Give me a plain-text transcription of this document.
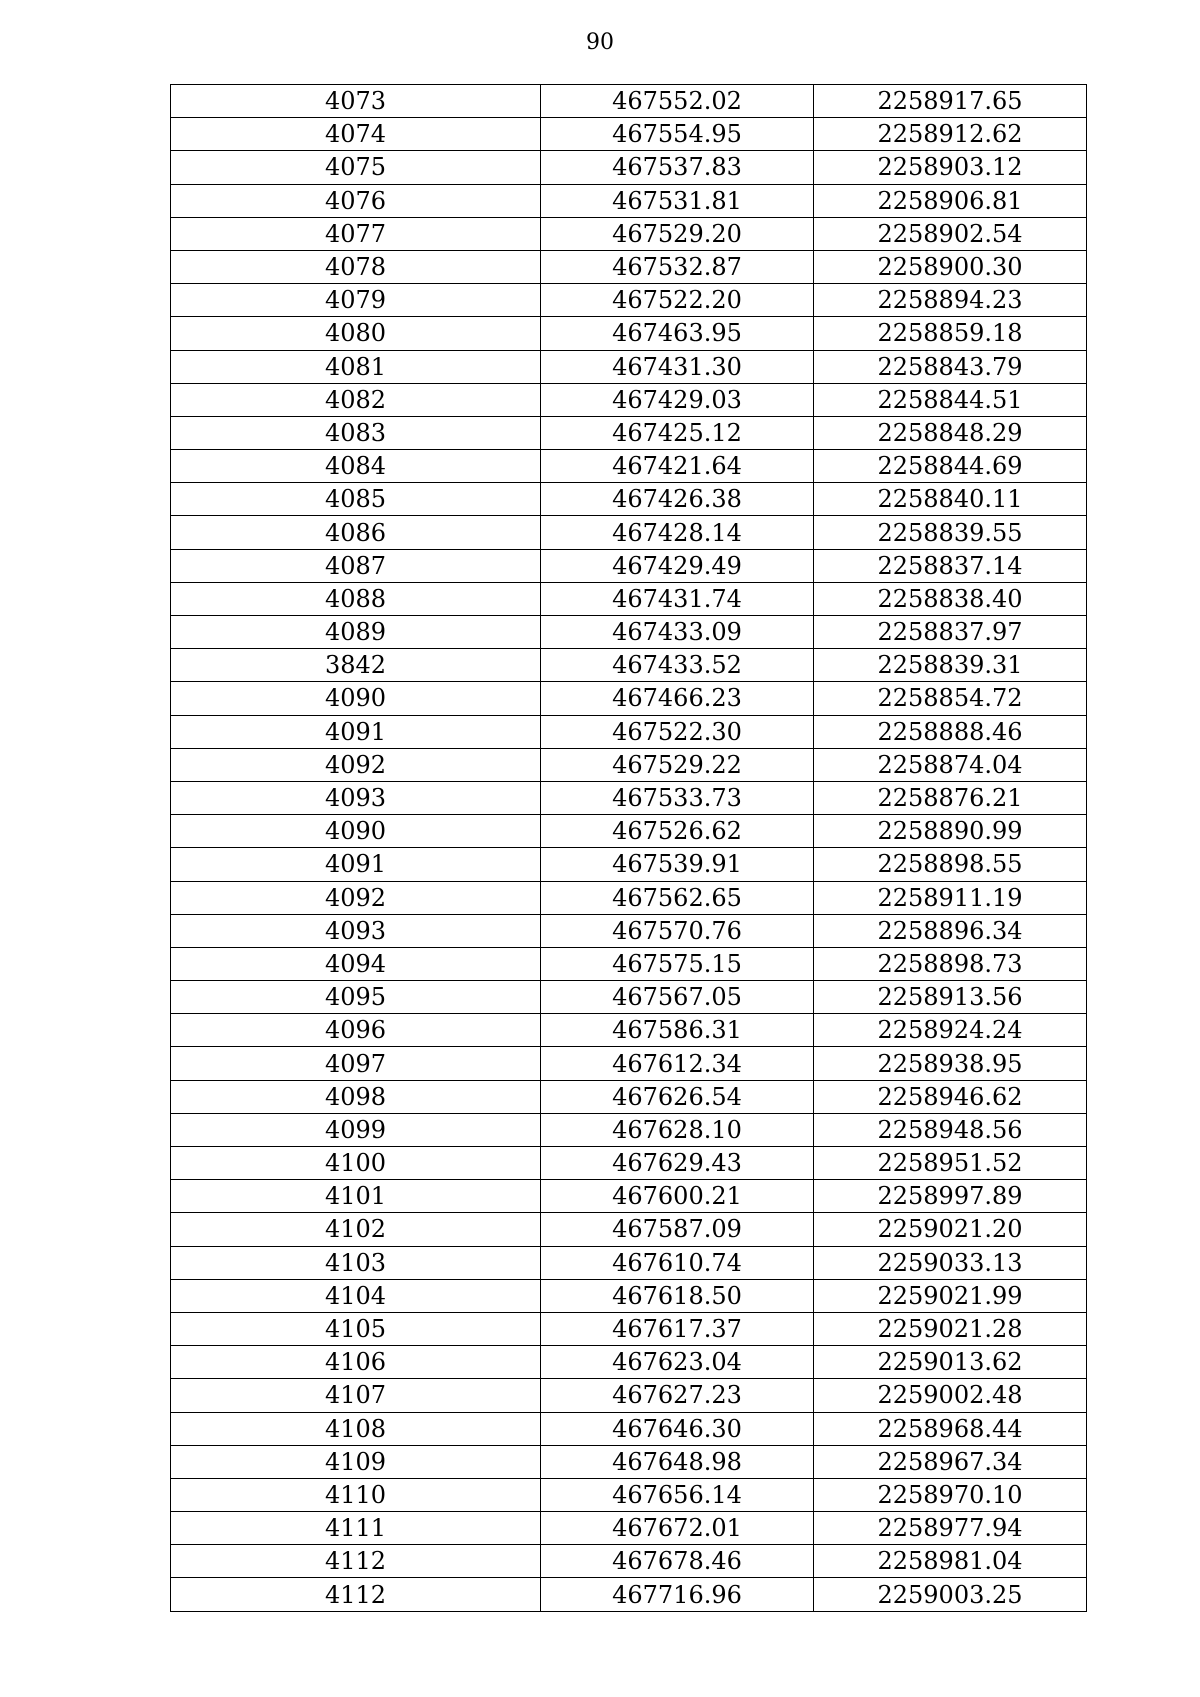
90
4073	467552.02	2258917.65
4074	467554.95	2258912.62
4075	467537.83	2258903.12
4076	467531.81	2258906.81
4077	467529.20	2258902.54
4078	467532.87	2258900.30
4079	467522.20	2258894.23
4080	467463.95	2258859.18
4081	467431.30	2258843.79
4082	467429.03	2258844.51
4083	467425.12	2258848.29
4084	467421.64	2258844.69
4085	467426.38	2258840.11
4086	467428.14	2258839.55
4087	467429.49	2258837.14
4088	467431.74	2258838.40
4089	467433.09	2258837.97
3842	467433.52	2258839.31
4090	467466.23	2258854.72
4091	467522.30	2258888.46
4092	467529.22	2258874.04
4093	467533.73	2258876.21
4090	467526.62	2258890.99
4091	467539.91	2258898.55
4092	467562.65	2258911.19
4093	467570.76	2258896.34
4094	467575.15	2258898.73
4095	467567.05	2258913.56
4096	467586.31	2258924.24
4097	467612.34	2258938.95
4098	467626.54	2258946.62
4099	467628.10	2258948.56
4100	467629.43	2258951.52
4101	467600.21	2258997.89
4102	467587.09	2259021.20
4103	467610.74	2259033.13
4104	467618.50	2259021.99
4105	467617.37	2259021.28
4106	467623.04	2259013.62
4107	467627.23	2259002.48
4108	467646.30	2258968.44
4109	467648.98	2258967.34
4110	467656.14	2258970.10
4111	467672.01	2258977.94
4112	467678.46	2258981.04
4112	467716.96	2259003.25
